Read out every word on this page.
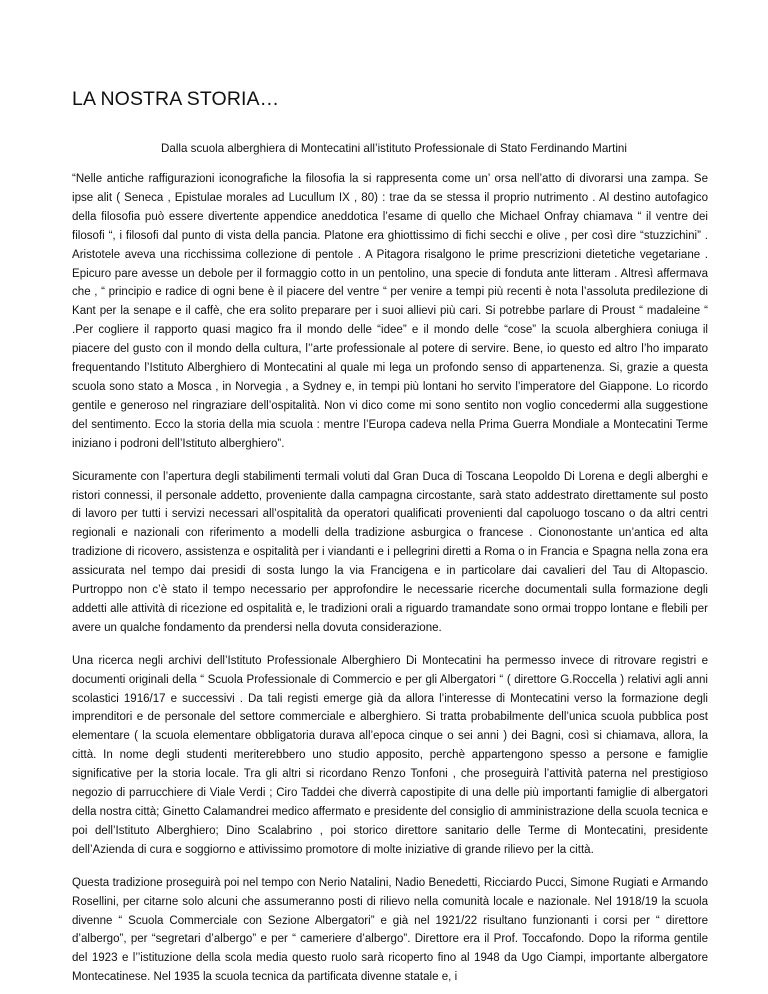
LA NOSTRA STORIA…

Dalla scuola alberghiera di Montecatini all’istituto Professionale di Stato Ferdinando Martini

“Nelle antiche raffigurazioni iconografiche la filosofia la si rappresenta come un’ orsa nell’atto di divorarsi una zampa. Se ipse alit ( Seneca , Epistulae morales ad Lucullum IX , 80) : trae da se stessa il proprio nutrimento . Al destino autofagico della filosofia può essere divertente appendice aneddotica l’esame di quello che Michael Onfray chiamava “ il ventre dei filosofi “, i filosofi dal punto di vista della pancia. Platone era ghiottissimo di fichi secchi e olive , per così dire “stuzzichini” . Aristotele aveva una ricchissima collezione di pentole . A Pitagora risalgono le prime prescrizioni dietetiche vegetariane . Epicuro pare avesse un debole per il formaggio cotto in un pentolino, una specie di fonduta ante litteram . Altresì affermava che , “ principio e radice di ogni bene è il piacere del ventre “ per venire a tempi più recenti è nota l’assoluta predilezione di Kant per la senape e il caffè, che era solito preparare per i suoi allievi più cari. Si potrebbe parlare di Proust “ madaleine “ .Per cogliere il rapporto quasi magico fra il mondo delle “idee” e il mondo delle “cose” la scuola alberghiera coniuga il piacere del gusto con il mondo della cultura, l’’arte professionale al potere di servire. Bene, io questo ed altro l’ho imparato frequentando l’Istituto Alberghiero di Montecatini al quale mi lega un profondo senso di appartenenza. Si, grazie a questa scuola sono stato a Mosca , in Norvegia , a Sydney e, in tempi più lontani ho servito l’imperatore del Giappone. Lo ricordo gentile e generoso nel ringraziare dell’ospitalità. Non vi dico come mi sono sentito non voglio concedermi alla suggestione del sentimento. Ecco la storia della mia scuola : mentre l’Europa cadeva nella Prima Guerra Mondiale a Montecatini Terme iniziano i podroni dell’Istituto alberghiero”.

Sicuramente con l’apertura degli stabilimenti termali voluti dal Gran Duca di Toscana Leopoldo Di Lorena e degli alberghi e ristori connessi, il personale addetto, proveniente dalla campagna circostante, sarà stato addestrato direttamente sul posto di lavoro per tutti i servizi necessari all’ospitalità da operatori qualificati provenienti dal capoluogo toscano o da altri centri regionali e nazionali con riferimento a modelli della tradizione asburgica o francese . Ciononostante un’antica ed alta tradizione di ricovero, assistenza e ospitalità per i viandanti e i pellegrini diretti a Roma o in Francia e Spagna nella zona era assicurata nel tempo dai presidi di sosta lungo la via Francigena e in particolare dai cavalieri del Tau di Altopascio. Purtroppo non c’è stato il tempo necessario per approfondire le necessarie ricerche documentali sulla formazione degli addetti alle attività di ricezione ed ospitalità e, le tradizioni orali a riguardo tramandate sono ormai troppo lontane e flebili per avere un qualche fondamento da prendersi nella dovuta considerazione.

Una ricerca negli archivi dell’Istituto Professionale Alberghiero Di Montecatini ha permesso invece di ritrovare registri e documenti originali della “ Scuola Professionale di Commercio e per gli Albergatori “ ( direttore G.Roccella ) relativi agli anni scolastici 1916/17 e successivi . Da tali registi emerge già da allora l’interesse di Montecatini verso la formazione degli imprenditori e de personale del settore commerciale e alberghiero. Si tratta probabilmente dell’unica scuola pubblica post elementare ( la scuola elementare obbligatoria durava all’epoca cinque o sei anni ) dei Bagni, così si chiamava, allora, la città. In nome degli studenti meriterebbero uno studio apposito, perchè appartengono spesso a persone e famiglie significative per la storia locale. Tra gli altri si ricordano Renzo Tonfoni , che proseguirà l’attività paterna nel prestigioso negozio di parrucchiere di Viale Verdi ; Ciro Taddei che diverrà capostipite di una delle più importanti famiglie di albergatori della nostra città; Ginetto Calamandrei medico affermato e presidente del consiglio di amministrazione della scuola tecnica e poi dell’Istituto Alberghiero; Dino Scalabrino , poi storico direttore sanitario delle Terme di Montecatini, presidente dell’Azienda di cura e soggiorno e attivissimo promotore di molte iniziative di grande rilievo per la città.

Questa tradizione proseguirà poi nel tempo con Nerio Natalini, Nadio Benedetti, Ricciardo Pucci, Simone Rugiati e Armando Rosellini, per citarne solo alcuni che assumeranno posti di rilievo nella comunità locale e nazionale. Nel 1918/19 la scuola divenne “ Scuola Commerciale con Sezione Albergatori” e già nel 1921/22 risultano funzionanti i corsi per “ direttore d’albergo”, per “segretari d’albergo” e per “ cameriere d’albergo”. Direttore era il Prof. Toccafondo. Dopo la riforma gentile del 1923 e l’’istituzione della scola media questo ruolo sarà ricoperto fino al 1948 da Ugo Ciampi, importante albergatore Montecatinese. Nel 1935 la scuola tecnica da partificata divenne statale e, i
